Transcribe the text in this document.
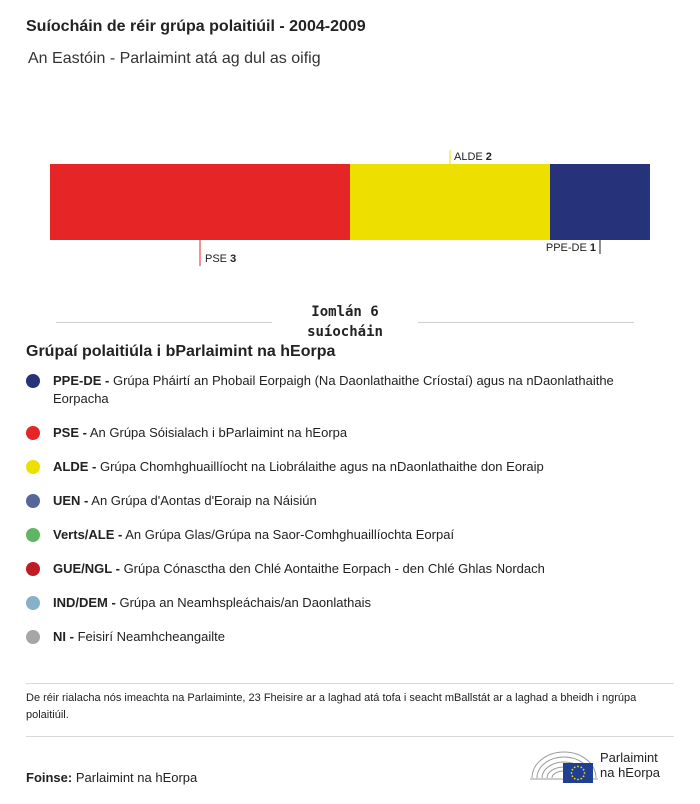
Suíocháin de réir grúpa polaitiúil - 2004-2009
An Eastóin - Parlaimint atá ag dul as oifig
PSE 3
ALDE 2
PPE-DE 1
Iomlán 6
suíocháin
Grúpaí polaitiúla i bParlaimint na hEorpa
PPE-DE - Grúpa Pháirtí an Phobail Eorpaigh (Na Daonlathaithe Críostaí) agus na nDaonlathaithe Eorpacha
PSE - An Grúpa Sóisialach i bParlaimint na hEorpa
ALDE - Grúpa Chomhghuaillíocht na Liobrálaithe agus na nDaonlathaithe don Eoraip
UEN - An Grúpa d'Aontas d'Eoraip na Náisiún
Verts/ALE - An Grúpa Glas/Grúpa na Saor-Comhghuaillíochta Eorpaí
GUE/NGL - Grúpa Cónasctha den Chlé Aontaithe Eorpach - den Chlé Ghlas Nordach
IND/DEM - Grúpa an Neamhspleáchais/an Daonlathais
NI - Feisirí Neamhcheangailte
De réir rialacha nós imeachta na Parlaiminte, 23 Fheisire ar a laghad atá tofa i seacht mBallstát ar a laghad a bheidh i ngrúpa polaitiúil.
Foinse: Parlaimint na hEorpa
Parlaimint
na hEorpa
